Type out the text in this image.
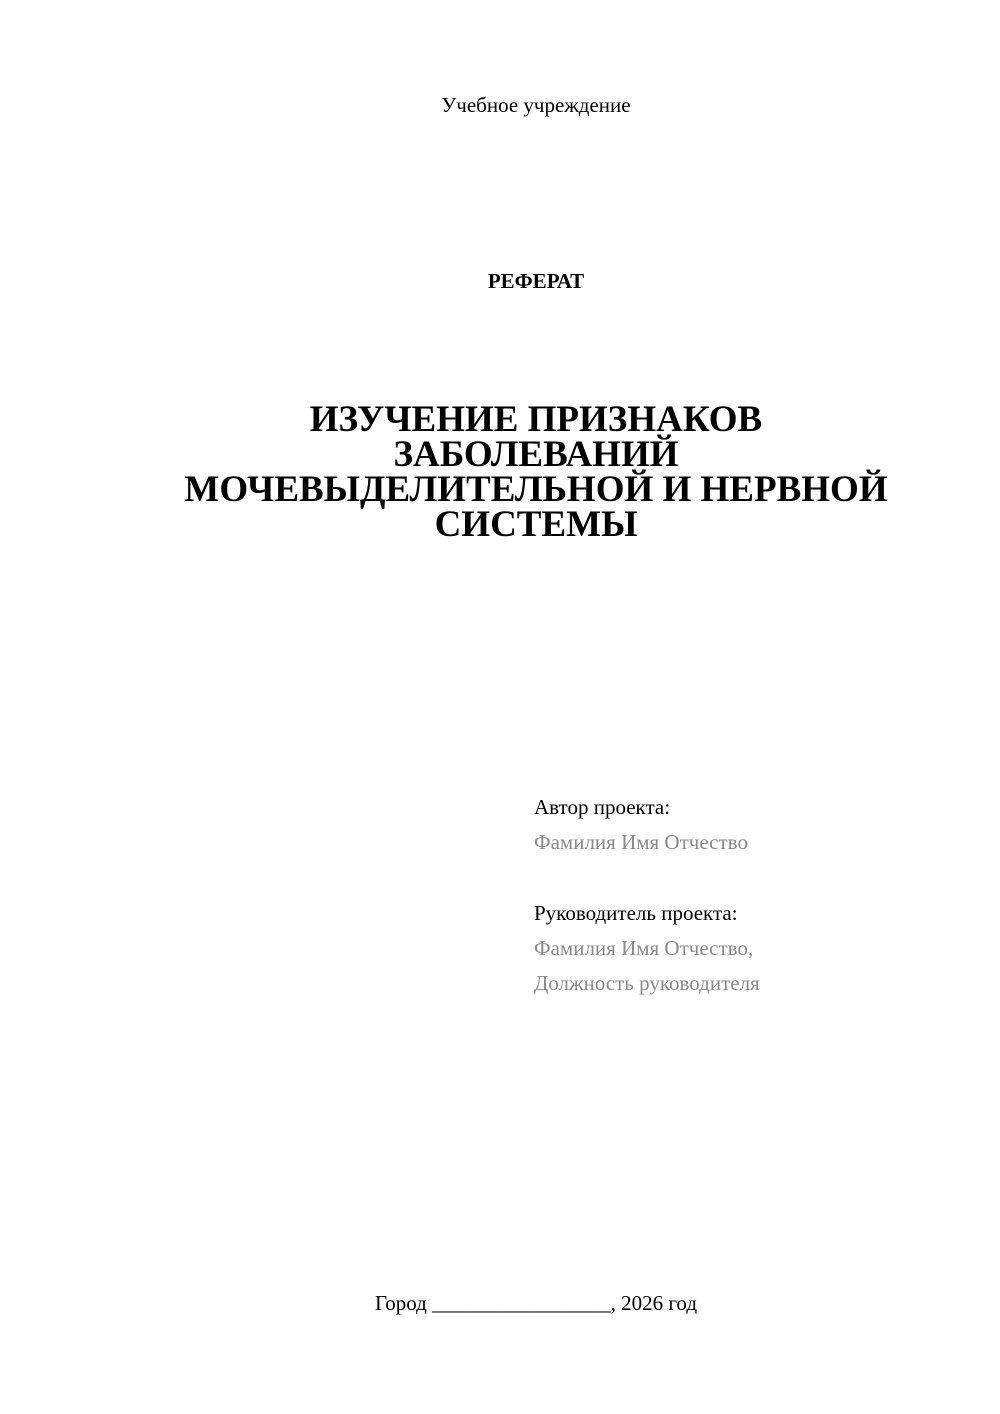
Учебное учреждение
РЕФЕРАТ
ИЗУЧЕНИЕ ПРИЗНАКОВ
ЗАБОЛЕВАНИЙ
МОЧЕВЫДЕЛИТЕЛЬНОЙ И НЕРВНОЙ
СИСТЕМЫ
Автор проекта:
Фамилия Имя Отчество
Руководитель проекта:
Фамилия Имя Отчество,
Должность руководителя
Город _________________, 2026 год
